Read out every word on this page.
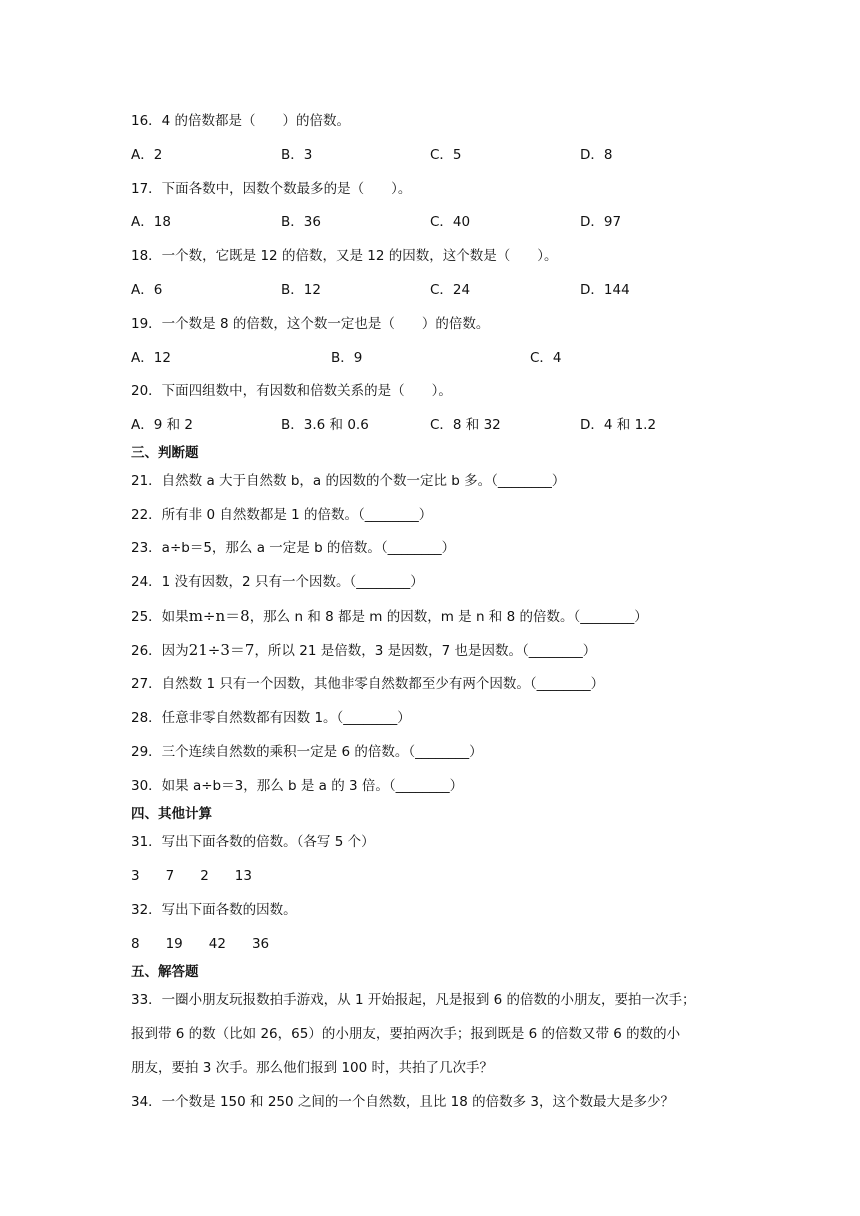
16．4 的倍数都是（　　）的倍数。
A．2	B．3	C．5	D．8
17．下面各数中，因数个数最多的是（　　）。
A．18	B．36	C．40	D．97
18．一个数，它既是 12 的倍数，又是 12 的因数，这个数是（　　）。
A．6	B．12	C．24	D．144
19．一个数是 8 的倍数，这个数一定也是（　　）的倍数。
A．12	B．9	C．4
20．下面四组数中，有因数和倍数关系的是（　　）。
A．9 和 2	B．3.6 和 0.6	C．8 和 32	D．4 和 1.2
三、判断题
21．自然数 a 大于自然数 b，a 的因数的个数一定比 b 多。（________）
22．所有非 0 自然数都是 1 的倍数。（________）
23．a÷b＝5，那么 a 一定是 b 的倍数。（________）
24．1 没有因数，2 只有一个因数。（________）
25．如果m÷n＝8，那么 n 和 8 都是 m 的因数，m 是 n 和 8 的倍数。（________）
26．因为21÷3＝7，所以 21 是倍数，3 是因数，7 也是因数。（________）
27．自然数 1 只有一个因数，其他非零自然数都至少有两个因数。（________）
28．任意非零自然数都有因数 1。（________）
29．三个连续自然数的乘积一定是 6 的倍数。（________）
30．如果 a÷b＝3，那么 b 是 a 的 3 倍。（________）
四、其他计算
31．写出下面各数的倍数。（各写 5 个）
3 7 2 13
32．写出下面各数的因数。
8 19 42 36
五、解答题
33．一圈小朋友玩报数拍手游戏，从 1 开始报起，凡是报到 6 的倍数的小朋友，要拍一次手；
报到带 6 的数（比如 26，65）的小朋友，要拍两次手；报到既是 6 的倍数又带 6 的数的小
朋友，要拍 3 次手。那么他们报到 100 时，共拍了几次手？
34．一个数是 150 和 250 之间的一个自然数，且比 18 的倍数多 3，这个数最大是多少？
